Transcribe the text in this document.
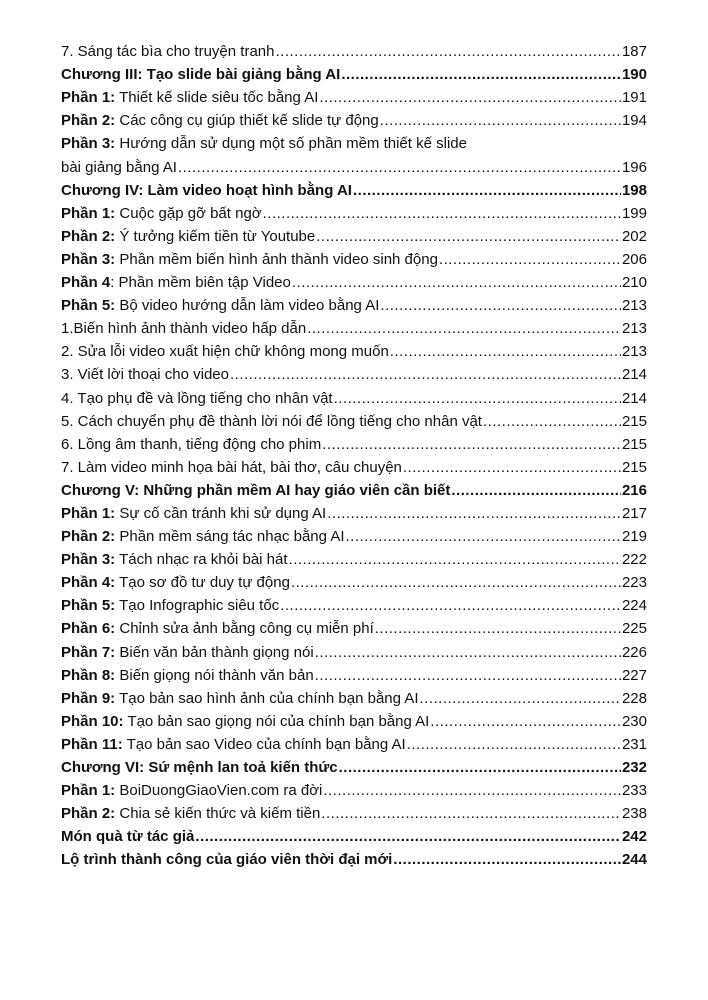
7. Sáng tác bìa cho truyện tranh .....	187
Chương III: Tạo slide bài giảng bằng AI .....	190
Phần 1: Thiết kế slide siêu tốc bằng AI .....	191
Phần 2: Các công cụ giúp thiết kế slide tự động .....	194
Phần 3: Hướng dẫn sử dụng một số phần mềm thiết kế slide
bài giảng bằng AI .....	196
Chương IV: Làm video hoạt hình bằng AI .....	198
Phần 1: Cuộc gặp gỡ bất ngờ .....	199
Phần 2: Ý tưởng kiếm tiền từ Youtube .....	202
Phần 3: Phần mềm biến hình ảnh thành video sinh động .....	206
Phần 4: Phần mềm biên tập Video .....	210
Phần 5: Bộ video hướng dẫn làm video bằng AI .....	213
1.Biến hình ảnh thành video hấp dẫn .....	213
2. Sửa lỗi video xuất hiện chữ không mong muốn .....	213
3. Viết lời thoại cho video .....	214
4. Tạo phụ đề và lồng tiếng cho nhân vật .....	214
5. Cách chuyển phụ đề thành lời nói để lồng tiếng cho nhân vật .....	215
6. Lồng âm thanh, tiếng động cho phim .....	215
7. Làm video minh họa bài hát, bài thơ, câu chuyện .....	215
Chương V: Những phần mềm AI hay giáo viên cần biết .....	216
Phần 1: Sự cố cần tránh khi sử dụng AI .....	217
Phần 2: Phần mềm sáng tác nhạc bằng AI .....	219
Phần 3: Tách nhạc ra khỏi bài hát .....	222
Phần 4: Tạo sơ đồ tư duy tự động .....	223
Phần 5: Tạo Infographic siêu tốc .....	224
Phần 6: Chỉnh sửa ảnh bằng công cụ miễn phí .....	225
Phần 7: Biến văn bản thành giọng nói .....	226
Phần 8: Biến giọng nói thành văn bản .....	227
Phần 9: Tạo bản sao hình ảnh của chính bạn bằng AI .....	228
Phần 10: Tạo bản sao giọng nói của chính bạn bằng AI .....	230
Phần 11: Tạo bản sao Video của chính bạn bằng AI .....	231
Chương VI: Sứ mệnh lan toả kiến thức .....	232
Phần 1: BoiDuongGiaoVien.com ra đời .....	233
Phần 2: Chia sẻ kiến thức và kiếm tiền .....	238
Món quà từ tác giả .....	242
Lộ trình thành công của giáo viên thời đại mới .....	244
